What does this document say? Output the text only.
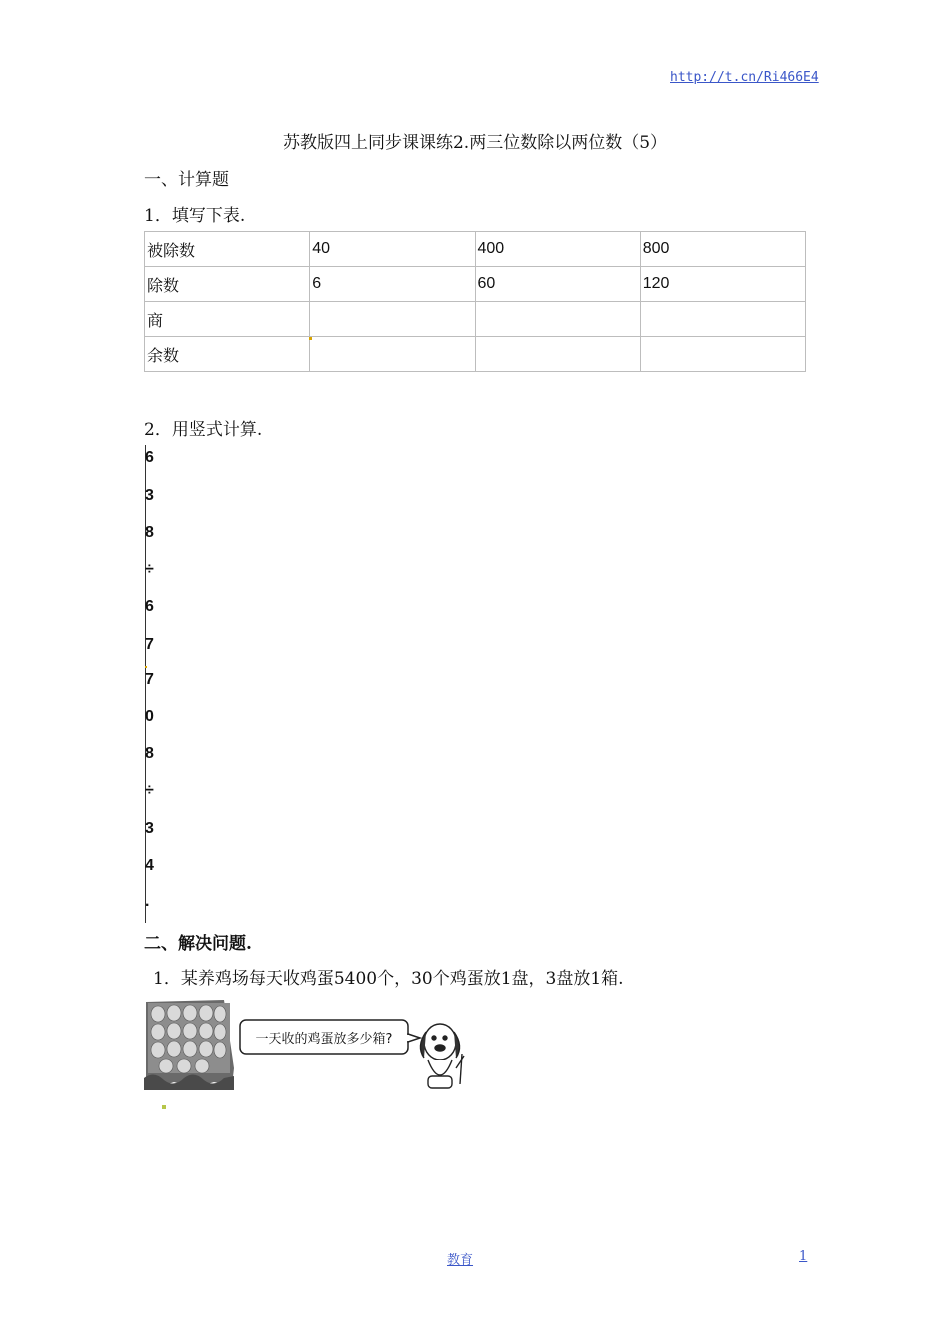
http://t.cn/Ri466E4
苏教版四上同步课课练2.两三位数除以两位数（5）
一、计算题
1．填写下表.
被除数	40	400	800
除数	6	60	120
商			
余数			
2．用竖式计算.
6
3
8
÷
6
7
7
0
8
÷
3
4
.
二、解决问题.
1．某养鸡场每天收鸡蛋5400个，30个鸡蛋放1盘，3盘放1箱.
一天收的鸡蛋放多少箱?
教育	1
